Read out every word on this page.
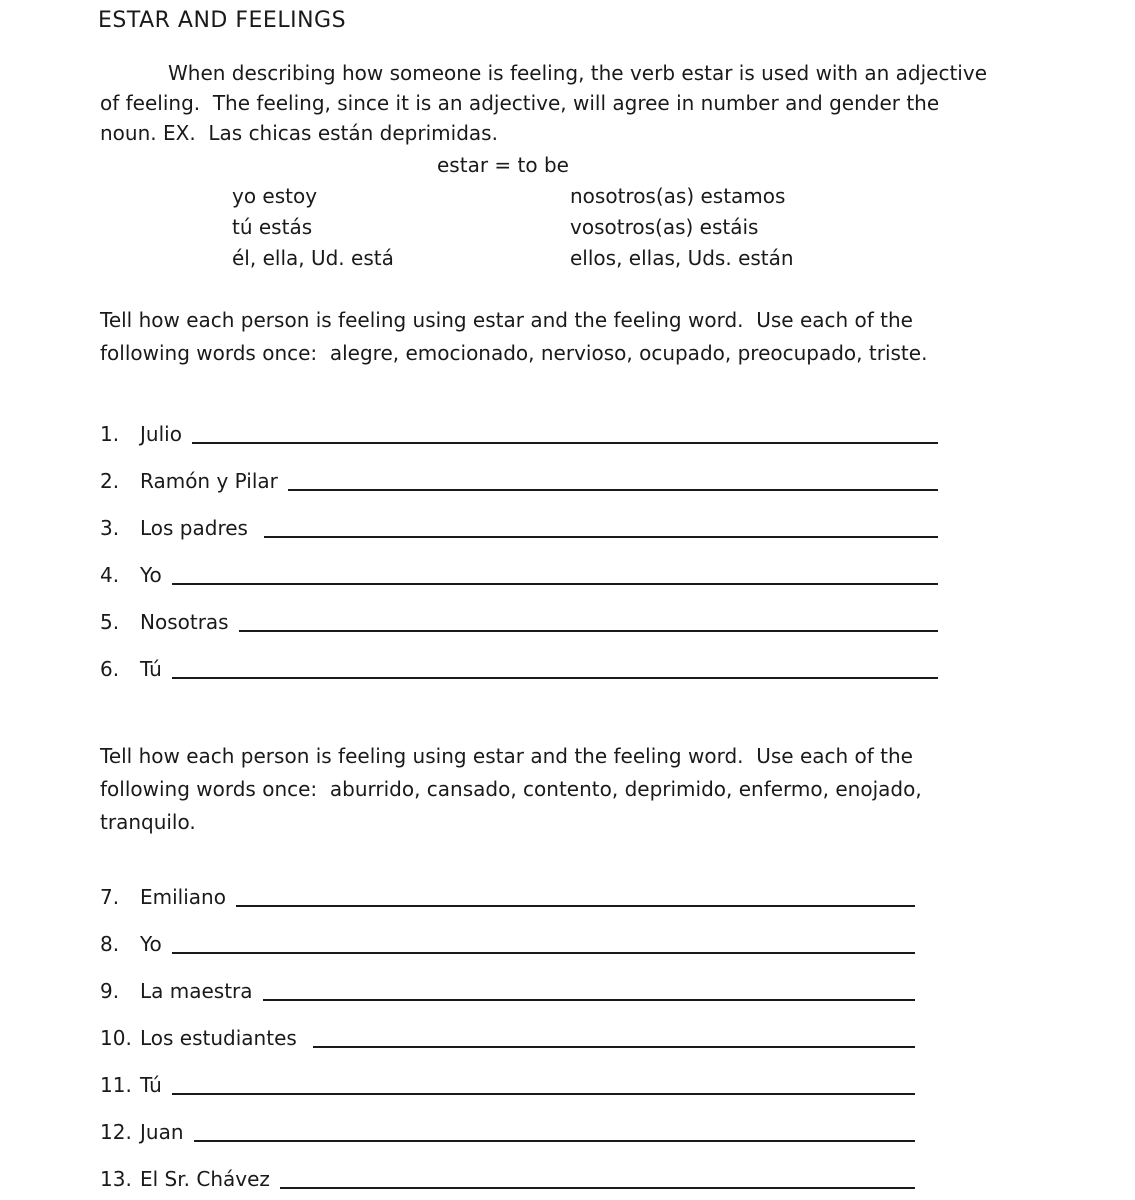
ESTAR AND FEELINGS
When describing how someone is feeling, the verb estar is used with an adjective
of feeling.  The feeling, since it is an adjective, will agree in number and gender the
noun. EX.  Las chicas están deprimidas.
estar = to be
yo estoy	nosotros(as) estamos
tú estás	vosotros(as) estáis
él, ella, Ud. está	ellos, ellas, Uds. están
Tell how each person is feeling using estar and the feeling word.  Use each of the
following words once:  alegre, emocionado, nervioso, ocupado, preocupado, triste.
1.	Julio
2.	Ramón y Pilar
3.	Los padres
4.	Yo
5.	Nosotras
6.	Tú
Tell how each person is feeling using estar and the feeling word.  Use each of the
following words once:  aburrido, cansado, contento, deprimido, enfermo, enojado,
tranquilo.
7.	Emiliano
8.	Yo
9.	La maestra
10. Los estudiantes
11. Tú
12. Juan
13. El Sr. Chávez
